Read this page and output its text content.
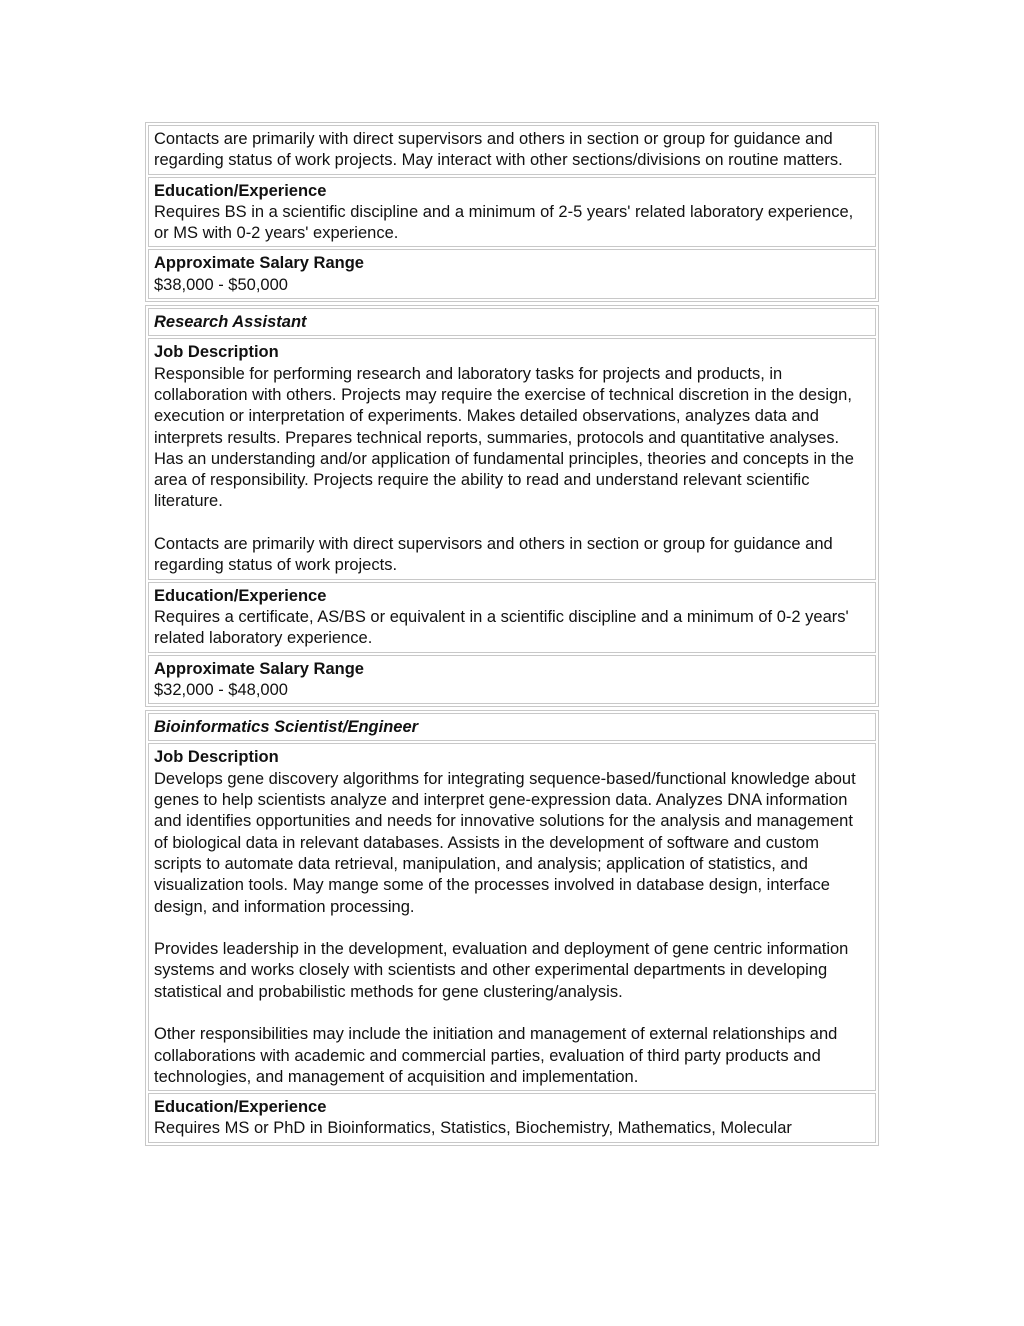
Contacts are primarily with direct supervisors and others in section or group for guidance and regarding status of work projects. May interact with other sections/divisions on routine matters.

Education/Experience

Requires BS in a scientific discipline and a minimum of 2-5 years' related laboratory experience, or MS with 0-2 years' experience.

Approximate Salary Range

$38,000 - $50,000

Research Assistant
Job Description

Responsible for performing research and laboratory tasks for projects and products, in collaboration with others. Projects may require the exercise of technical discretion in the design, execution or interpretation of experiments. Makes detailed observations, analyzes data and interprets results. Prepares technical reports, summaries, protocols and quantitative analyses. Has an understanding and/or application of fundamental principles, theories and concepts in the area of responsibility. Projects require the ability to read and understand relevant scientific literature.

Contacts are primarily with direct supervisors and others in section or group for guidance and regarding status of work projects.

Education/Experience

Requires a certificate, AS/BS or equivalent in a scientific discipline and a minimum of 0-2 years' related laboratory experience.

Approximate Salary Range

$32,000 - $48,000

Bioinformatics Scientist/Engineer
Job Description

Develops gene discovery algorithms for integrating sequence-based/functional knowledge about genes to help scientists analyze and interpret gene-expression data. Analyzes DNA information and identifies opportunities and needs for innovative solutions for the analysis and management of biological data in relevant databases. Assists in the development of software and custom scripts to automate data retrieval, manipulation, and analysis; application of statistics, and visualization tools. May mange some of the processes involved in database design, interface design, and information processing.

Provides leadership in the development, evaluation and deployment of gene centric information systems and works closely with scientists and other experimental departments in developing statistical and probabilistic methods for gene clustering/analysis.

Other responsibilities may include the initiation and management of external relationships and collaborations with academic and commercial parties, evaluation of third party products and technologies, and management of acquisition and implementation.

Education/Experience

Requires MS or PhD in Bioinformatics, Statistics, Biochemistry, Mathematics, Molecular
